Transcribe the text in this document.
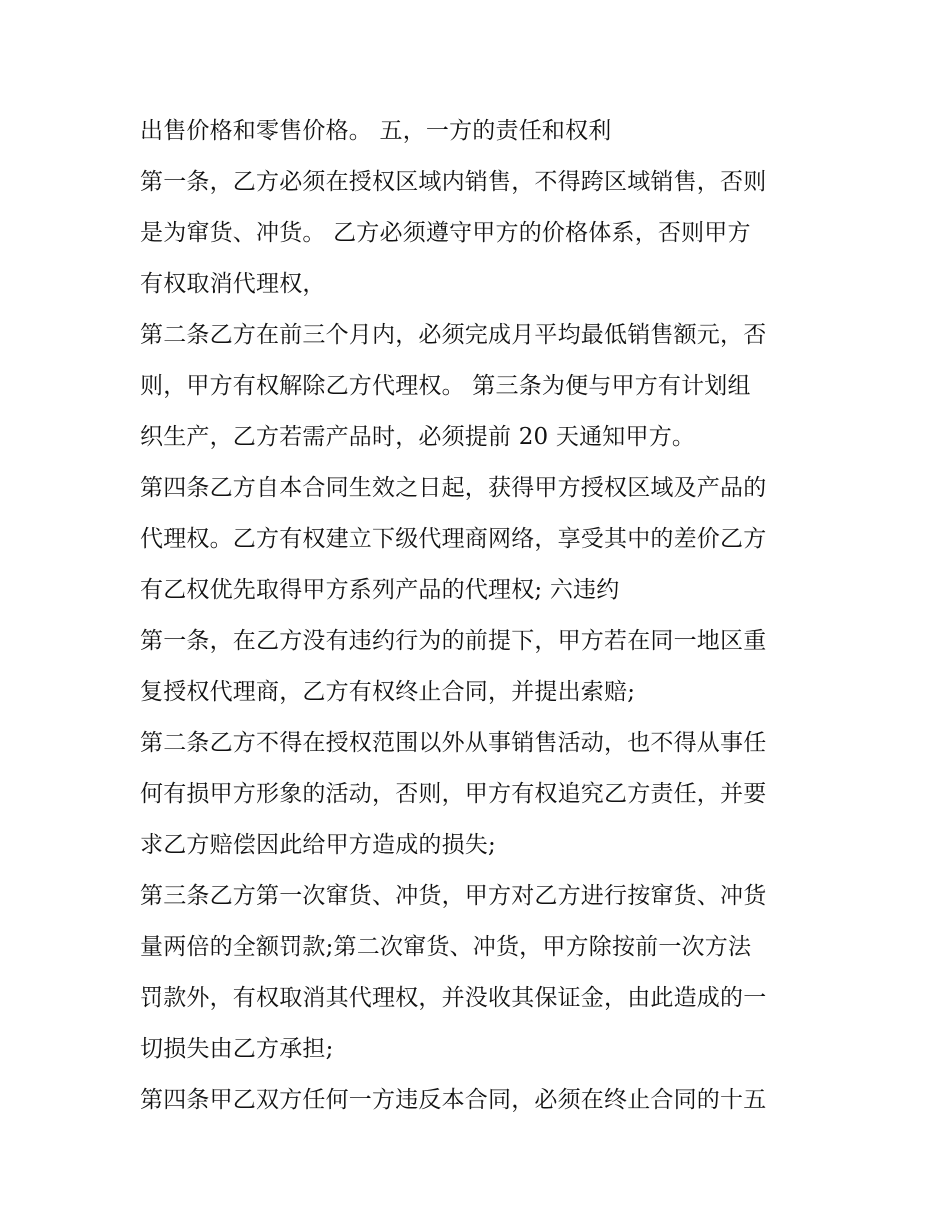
出售价格和零售价格。 五，一方的责任和权利
第一条，乙方必须在授权区域内销售，不得跨区域销售，否则
是为窜货、冲货。 乙方必须遵守甲方的价格体系，否则甲方
有权取消代理权，
第二条乙方在前三个月内，必须完成月平均最低销售额元，否
则，甲方有权解除乙方代理权。 第三条为便与甲方有计划组
织生产，乙方若需产品时，必须提前 20 天通知甲方。
第四条乙方自本合同生效之日起，获得甲方授权区域及产品的
代理权。乙方有权建立下级代理商网络，享受其中的差价乙方
有乙权优先取得甲方系列产品的代理权; 六违约
第一条，在乙方没有违约行为的前提下，甲方若在同一地区重
复授权代理商，乙方有权终止合同，并提出索赔;
第二条乙方不得在授权范围以外从事销售活动，也不得从事任
何有损甲方形象的活动，否则，甲方有权追究乙方责任，并要
求乙方赔偿因此给甲方造成的损失;
第三条乙方第一次窜货、冲货，甲方对乙方进行按窜货、冲货
量两倍的全额罚款;第二次窜货、冲货，甲方除按前一次方法
罚款外，有权取消其代理权，并没收其保证金，由此造成的一
切损失由乙方承担;
第四条甲乙双方任何一方违反本合同，必须在终止合同的十五
